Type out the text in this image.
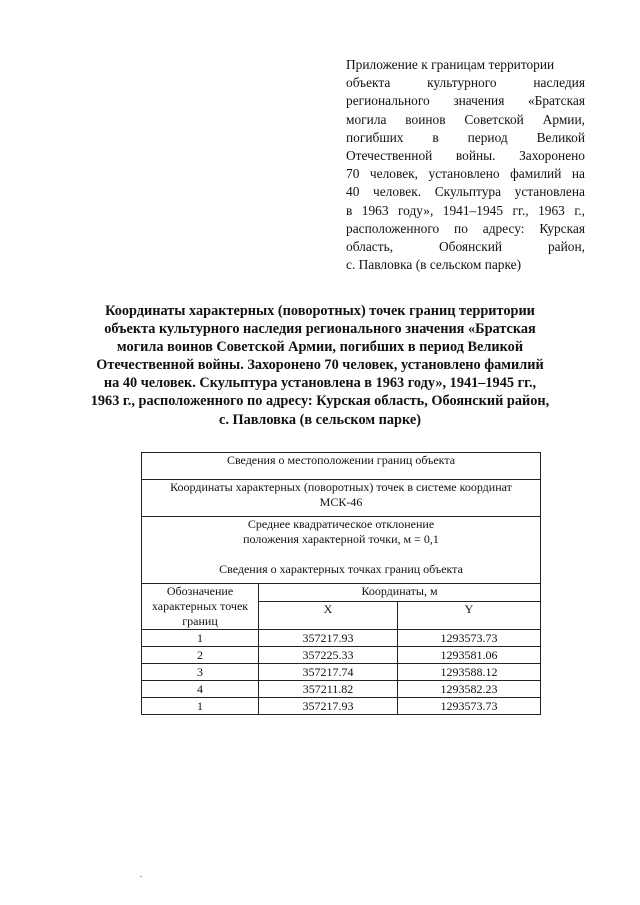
Приложение к границам территории
объекта культурного наследия
регионального значения «Братская
могила воинов Советской Армии,
погибших в период Великой
Отечественной войны. Захоронено
70 человек, установлено фамилий на
40 человек. Скульптура установлена
в 1963 году», 1941–1945 гг., 1963 г.,
расположенного по адресу: Курская
область, Обоянский район,
с. Павловка (в сельском парке)
Координаты характерных (поворотных) точек границ территории
объекта культурного наследия регионального значения «Братская
могила воинов Советской Армии, погибших в период Великой
Отечественной войны. Захоронено 70 человек, установлено фамилий
на 40 человек. Скульптура установлена в 1963 году», 1941–1945 гг.,
1963 г., расположенного по адресу: Курская область, Обоянский район,
с. Павловка (в сельском парке)
Сведения о местоположении границ объекта		

Координаты характерных (поворотных) точек в системе координат
МСК-46		

Среднее квадратическое отклонение
положения характерной точки, м = 0,1
Сведения о характерных точках границ объекта		

Обозначение
характерных точек
границ	Координаты, м	
	X	Y
1	357217.93	1293573.73
2	357225.33	1293581.06
3	357217.74	1293588.12
4	357211.82	1293582.23
1	357217.93	1293573.73
